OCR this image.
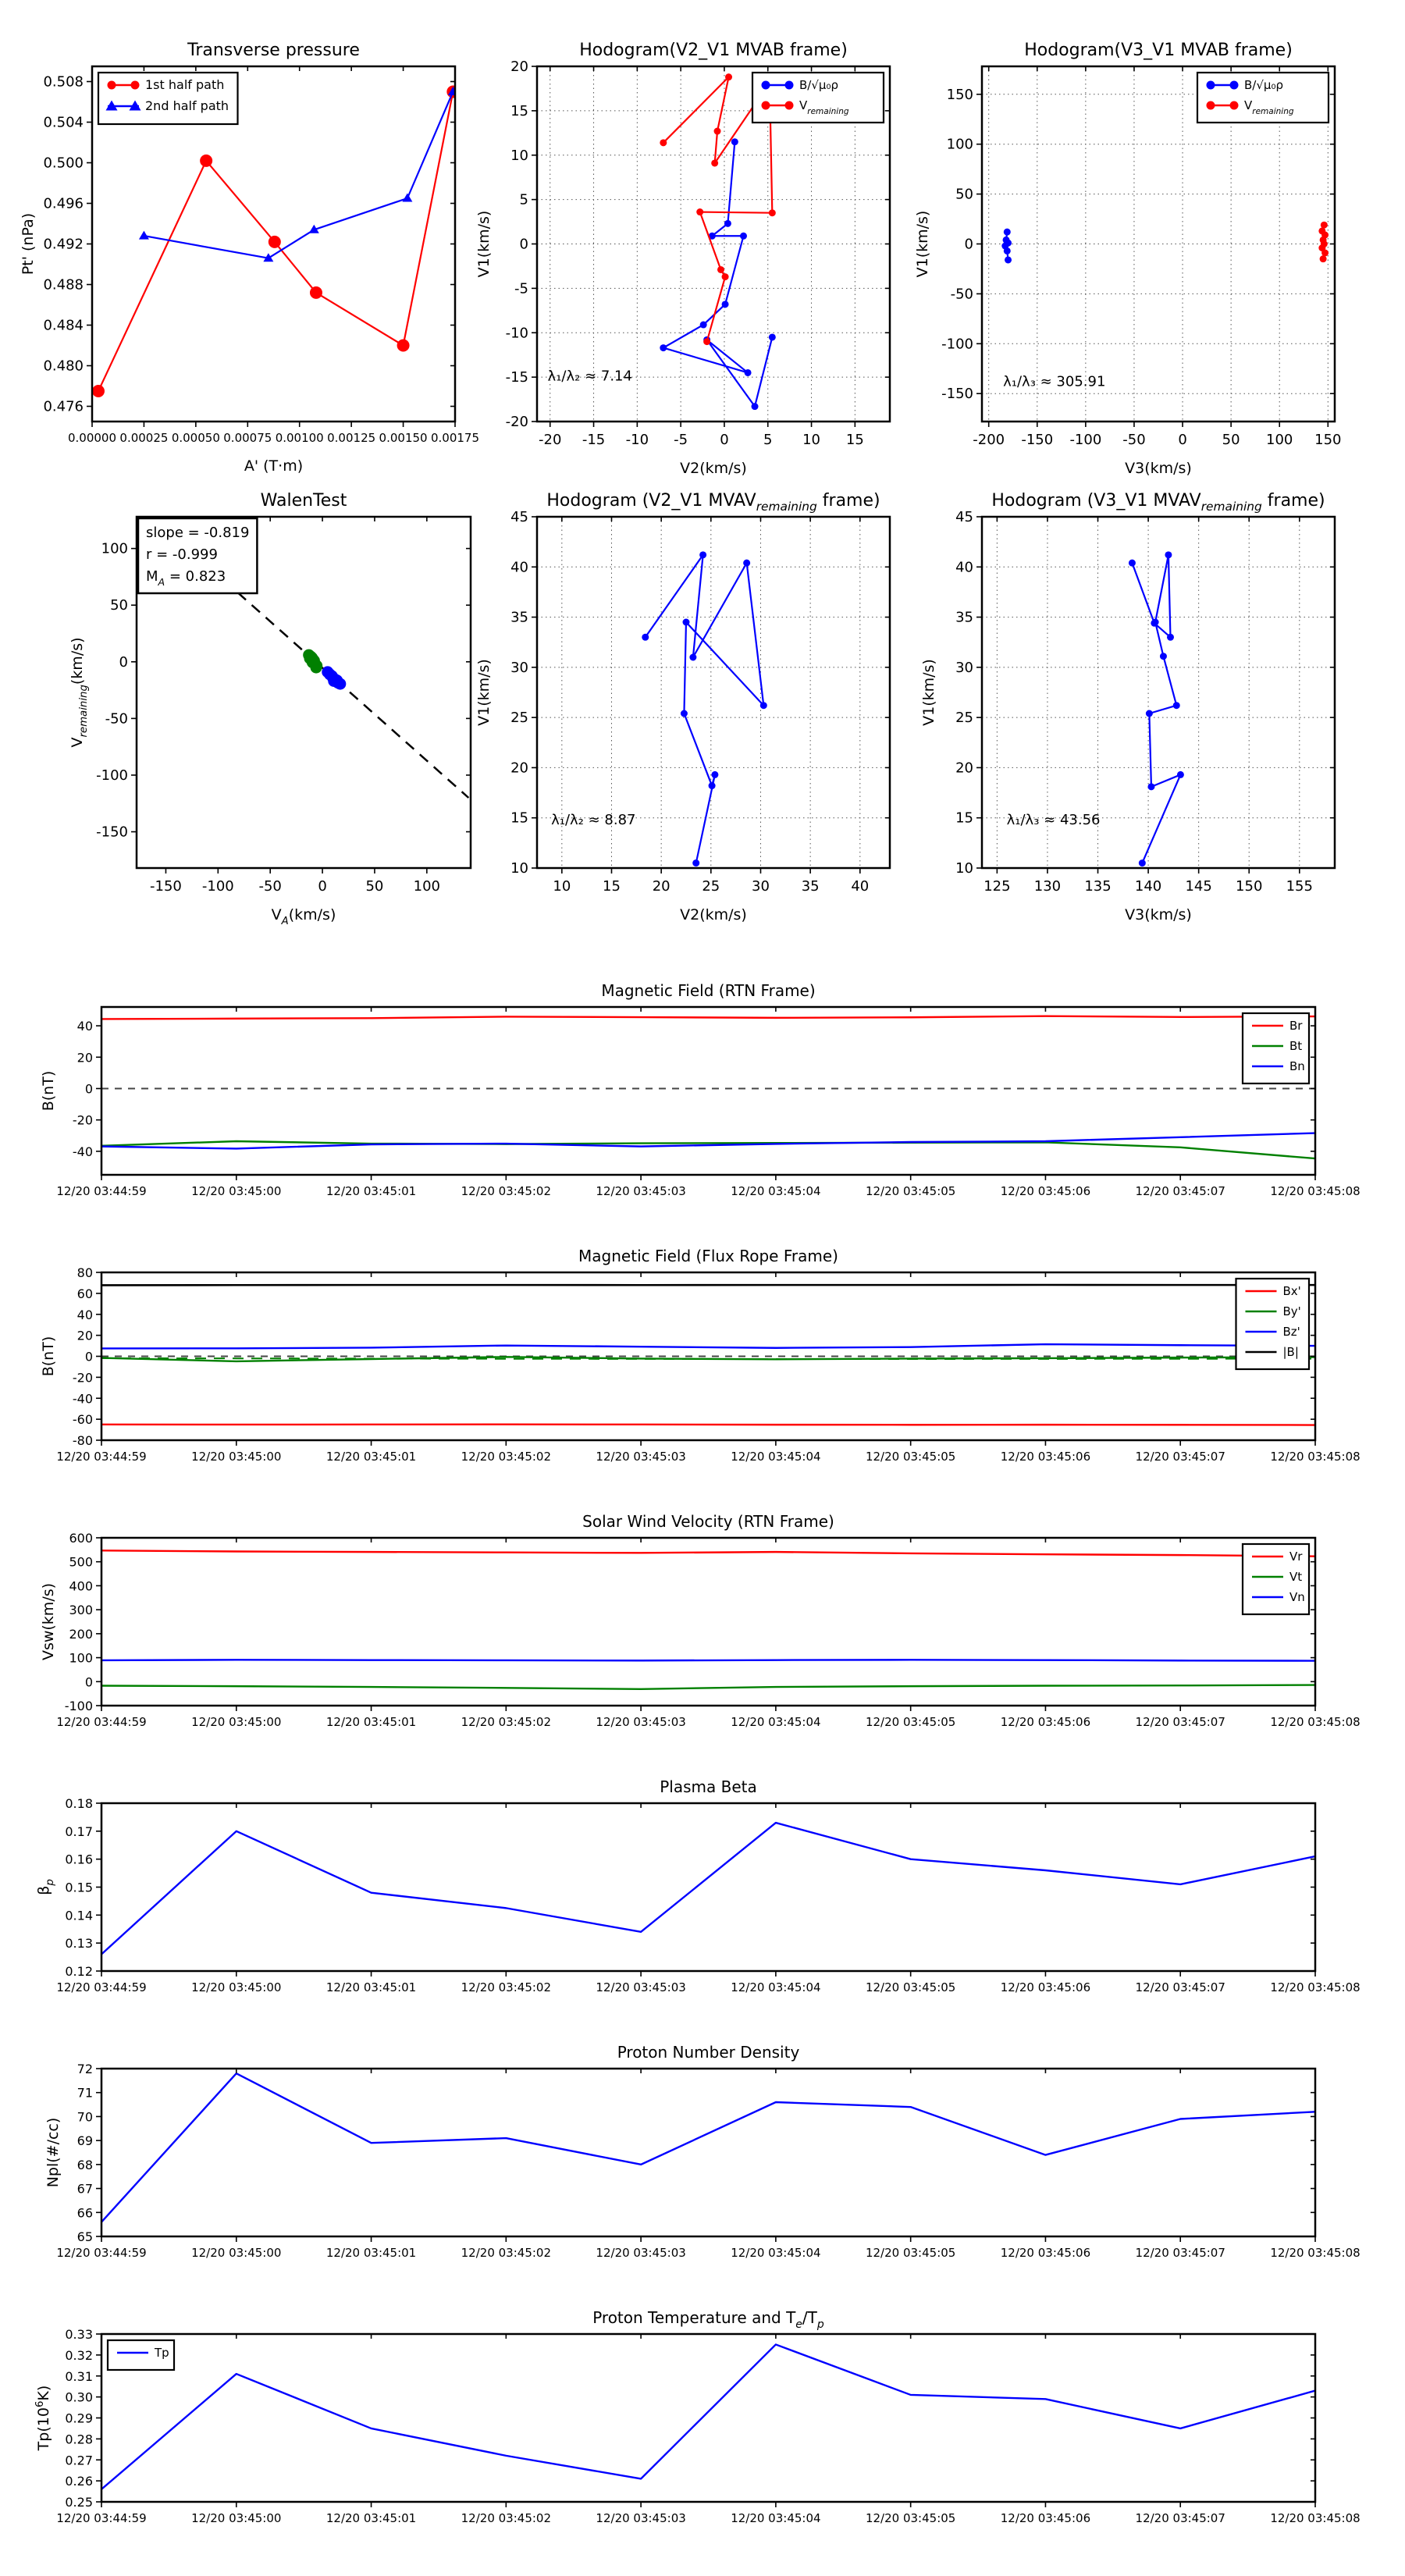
0.00000 0.00025 0.00050 0.00075 0.00100 0.00125 0.00150 0.00175
0.476
0.480
0.484
0.488
0.492
0.496
0.500
0.504
0.508
Transverse pressure
A' (T·m)
Pt' (nPa)
1st half path
2nd half path
-20 -15 -10 -5 0 5 10 15
-20
-15
-10
-5
0
5
10
15
20
Hodogram(V2_V1 MVAB frame)
V2(km/s)
V1(km/s)
B/√μ₀ρ
$V_{remaining}$
λ₁/λ₂ ≈ 7.14
-200 -150 -100 -50 0 50 100 150
-150
-100
-50
0
50
100
150
Hodogram(V3_V1 MVAB frame)
V3(km/s)
V1(km/s)
B/√μ₀ρ
$V_{remaining}$
λ₁/λ₃ ≈ 305.91
-150 -100 -50	0	50 100
-150
-100
-50
0
50
100
WalenTest
$V_A(km/s)$
$V_{remaining}(km/s)$
slope = -0.819
r = -0.999
$M_A = 0.823$
10 15 20 25 30 35 40
10
15
20
25
30
35
40
45
Hodogram (V2_V1 $MVAV_{remaining}$ frame)
V2(km/s)
V1(km/s)
λ₁/λ₂ ≈ 8.87
125 130 135 140 145 150 155
10
15
20
25
30
35
40
45
Hodogram (V3_V1 $MVAV_{remaining}$ frame)
V3(km/s)
V1(km/s)
λ₁/λ₃ ≈ 43.56
12/20 03:44:59	12/20 03:45:00	12/20 03:45:01	12/20 03:45:02	12/20 03:45:03	12/20 03:45:04	12/20 03:45:05	12/20 03:45:06	12/20 03:45:07	12/20 03:45:08
-40
-20
0
20
40
Magnetic Field (RTN Frame)
B(nT)
Br
Bt
Bn
12/20 03:44:59	12/20 03:45:00	12/20 03:45:01	12/20 03:45:02	12/20 03:45:03	12/20 03:45:04	12/20 03:45:05	12/20 03:45:06	12/20 03:45:07	12/20 03:45:08
-80
-60
-40
-20
0
20
40
60
80
Magnetic Field (Flux Rope Frame)
B(nT)
Bx'
By'
Bz'
|B|
12/20 03:44:59	12/20 03:45:00	12/20 03:45:01	12/20 03:45:02	12/20 03:45:03	12/20 03:45:04	12/20 03:45:05	12/20 03:45:06	12/20 03:45:07	12/20 03:45:08
-100
0
100
200
300
400
500
600
Solar Wind Velocity (RTN Frame)
Vsw(km/s)
Vr
Vt
Vn
12/20 03:44:59	12/20 03:45:00	12/20 03:45:01	12/20 03:45:02	12/20 03:45:03	12/20 03:45:04	12/20 03:45:05	12/20 03:45:06	12/20 03:45:07	12/20 03:45:08
0.12
0.13
0.14
0.15
0.16
0.17
0.18
Plasma Beta
$\beta_p$
12/20 03:44:59	12/20 03:45:00	12/20 03:45:01	12/20 03:45:02	12/20 03:45:03	12/20 03:45:04	12/20 03:45:05	12/20 03:45:06	12/20 03:45:07	12/20 03:45:08
65
66
67
68
69
70
71
72
Proton Number Density
Npl(#/cc)
12/20 03:44:59	12/20 03:45:00	12/20 03:45:01	12/20 03:45:02	12/20 03:45:03	12/20 03:45:04	12/20 03:45:05	12/20 03:45:06	12/20 03:45:07	12/20 03:45:08
0.25
0.26
0.27
0.28
0.29
0.30
0.31
0.32
0.33
Proton Temperature and $T_e/T_p$
$Tp(10^6K)$
Tp
